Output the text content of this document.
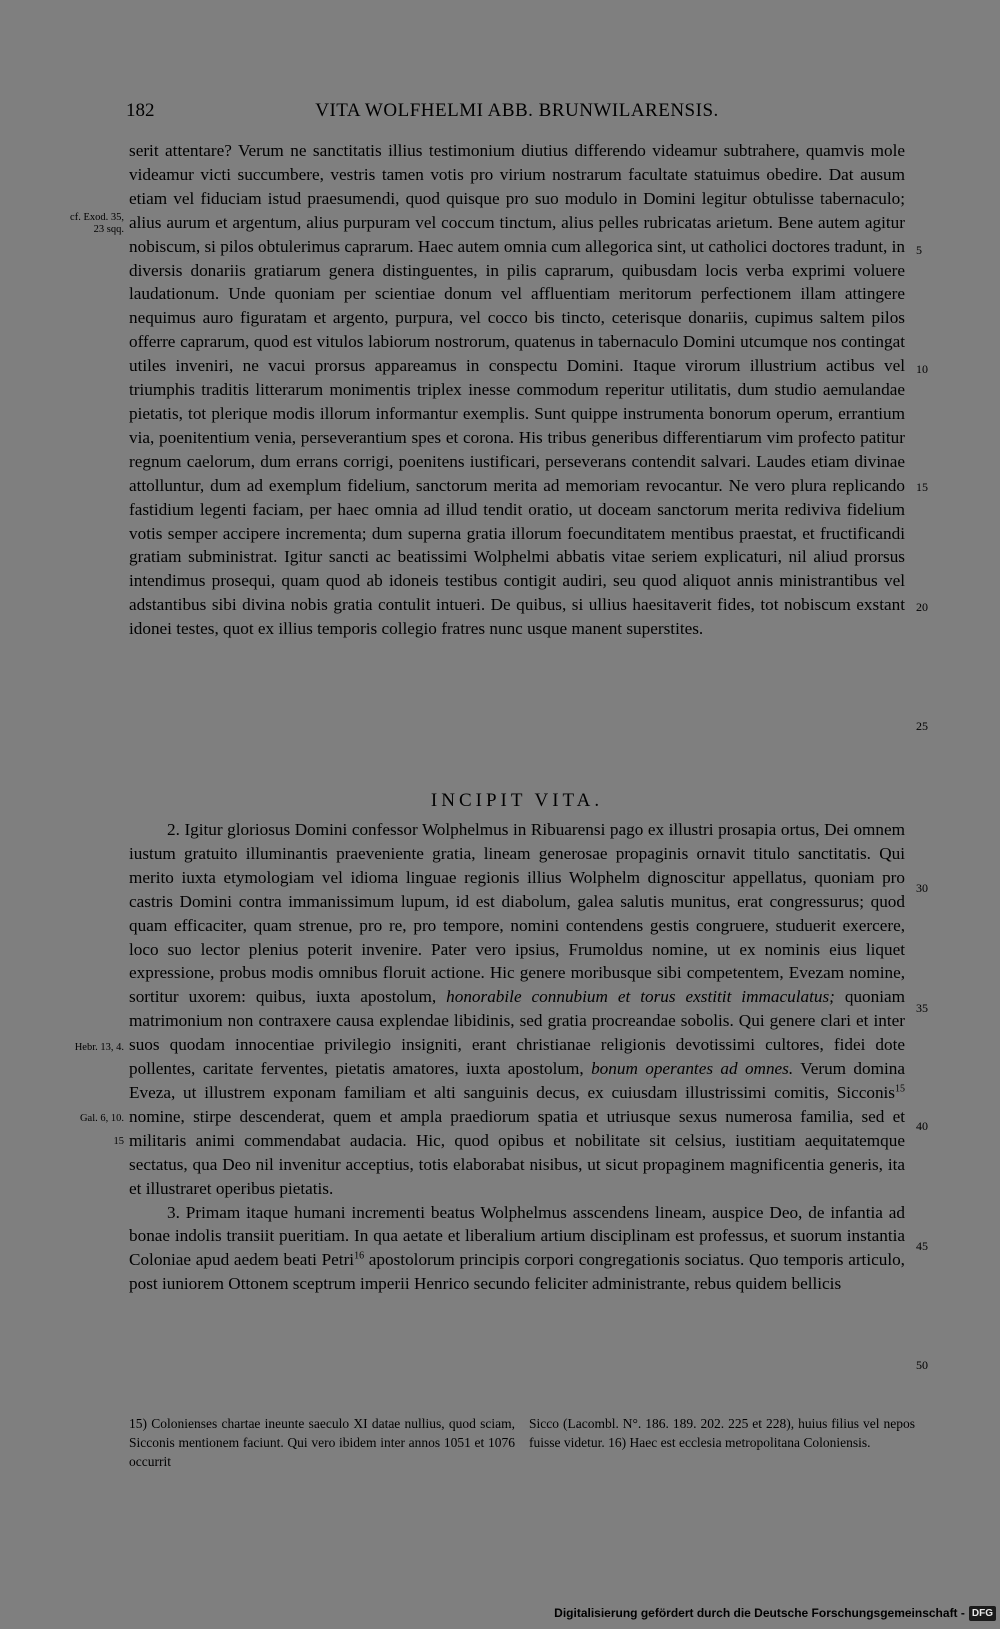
182	VITA WOLFHELMI ABB. BRUNWILARENSIS.

serit attentare? Verum ne sanctitatis illius testimonium diutius differendo videamur subtrahere, quamvis mole videamur victi succumbere, vestris tamen votis pro virium nostrarum facultate statuimus obedire. Dat ausum etiam vel fiduciam istud praesumendi, quod quisque pro suo modulo in Domini legitur obtulisse tabernaculo; alius aurum et argentum, alius purpuram vel coccum tinctum, alius pelles rubricatas arietum. Bene autem agitur nobiscum, si pilos obtulerimus caprarum. Haec autem omnia cum allegorica sint, ut catholici doctores tradunt, in diversis donariis gratiarum genera distinguentes, in pilis caprarum, quibusdam locis verba exprimi voluere laudationum. Unde quoniam per scientiae donum vel affluentiam meritorum perfectionem illam attingere nequimus auro figuratam et argento, purpura, vel cocco bis tincto, ceterisque donariis, cupimus saltem pilos offerre caprarum, quod est vitulos labiorum nostrorum, quatenus in tabernaculo Domini utcumque nos contingat utiles inveniri, ne vacui prorsus appareamus in conspectu Domini. Itaque virorum illustrium actibus vel triumphis traditis litterarum monimentis triplex inesse commodum reperitur utilitatis, dum studio aemulandae pietatis, tot plerique modis illorum informantur exemplis. Sunt quippe instrumenta bonorum operum, errantium via, poenitentium venia, perseverantium spes et corona. His tribus generibus differentiarum vim profecto patitur regnum caelorum, dum errans corrigi, poenitens iustificari, perseverans contendit salvari. Laudes etiam divinae attolluntur, dum ad exemplum fidelium, sanctorum merita ad memoriam revocantur. Ne vero plura replicando fastidium legenti faciam, per haec omnia ad illud tendit oratio, ut doceam sanctorum merita rediviva fidelium votis semper accipere incrementa; dum superna gratia illorum foecunditatem mentibus praestat, et fructificandi gratiam subministrat. Igitur sancti ac beatissimi Wolphelmi abbatis vitae seriem explicaturi, nil aliud prorsus intendimus prosequi, quam quod ab idoneis testibus contigit audiri, seu quod aliquot annis ministrantibus vel adstantibus sibi divina nobis gratia contulit intueri. De quibus, si ullius haesitaverit fides, tot nobiscum exstant idonei testes, quot ex illius temporis collegio fratres nunc usque manent superstites.

INCIPIT VITA.

2. Igitur gloriosus Domini confessor Wolphelmus in Ribuarensi pago ex illustri prosapia ortus, Dei omnem iustum gratuito illuminantis praeveniente gratia, lineam generosae propaginis ornavit titulo sanctitatis. Qui merito iuxta etymologiam vel idioma linguae regionis illius Wolphelm dignoscitur appellatus, quoniam pro castris Domini contra immanissimum lupum, id est diabolum, galea salutis munitus, erat congressurus; quod quam efficaciter, quam strenue, pro re, pro tempore, nomini contendens gestis congruere, studuerit exercere, loco suo lector plenius poterit invenire. Pater vero ipsius, Frumoldus nomine, ut ex nominis eius liquet expressione, probus modis omnibus floruit actione. Hic genere moribusque sibi competentem, Evezam nomine, sortitur uxorem: quibus, iuxta apostolum, honorabile connubium et torus exstitit immaculatus; quoniam matrimonium non contraxere causa explendae libidinis, sed gratia procreandae sobolis. Qui genere clari et inter suos quodam innocentiae privilegio insigniti, erant christianae religionis devotissimi cultores, fidei dote pollentes, caritate ferventes, pietatis amatores, iuxta apostolum, bonum operantes ad omnes. Verum domina Eveza, ut illustrem exponam familiam et alti sanguinis decus, ex cuiusdam illustrissimi comitis, Sicconis$^{15}$ nomine, stirpe descenderat, quem et ampla praediorum spatia et utriusque sexus numerosa familia, sed et militaris animi commendabat audacia. Hic, quod opibus et nobilitate sit celsius, iustitiam aequitatemque sectatus, qua Deo nil invenitur acceptius, totis elaborabat nisibus, ut sicut propaginem magnificentia generis, ita et illustraret operibus pietatis.

3. Primam itaque humani incrementi beatus Wolphelmus asscendens lineam, auspice Deo, de infantia ad bonae indolis transiit pueritiam. In qua aetate et liberalium artium disciplinam est professus, et suorum instantia Coloniae apud aedem beati Petri$^{16}$ apostolorum principis corpori congregationis sociatus. Quo temporis articulo, post iuniorem Ottonem sceptrum imperii Henrico secundo feliciter administrante, rebus quidem bellicis

cf. Exod. 35, 23 sqq.
Hebr. 13, 4.
Gal. 6, 10.
15
5
10
15
20
25
30
35
40
45
50

15) Colonienses chartae ineunte saeculo XI datae nullius, quod sciam, Sicconis mentionem faciunt. Qui vero ibidem inter annos 1051 et 1076 occurrit

Sicco (Lacombl. N°. 186. 189. 202. 225 et 228), huius filius vel nepos fuisse videtur. 16) Haec est ecclesia metropolitana Coloniensis.

Digitalisierung gefördert durch die Deutsche Forschungsgemeinschaft - DFG
